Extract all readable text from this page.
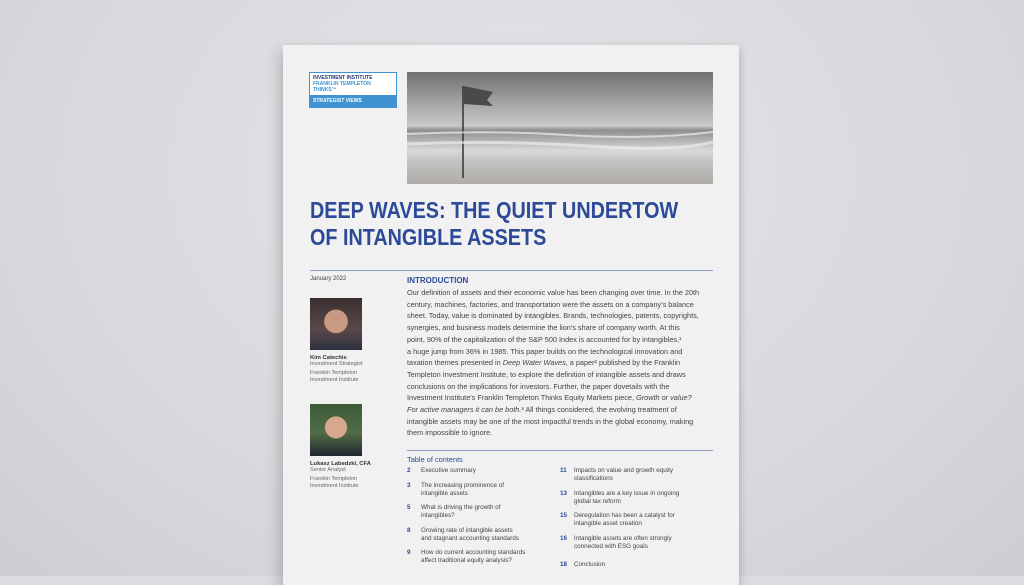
INVESTMENT INSTITUTE
FRANKLIN TEMPLETON THINKS™
STRATEGIST VIEWS
DEEP WAVES: THE QUIET UNDERTOW
OF INTANGIBLE ASSETS
January 2022	INTRODUCTION
Our definition of assets and their economic value has been changing over time. In the 20th
century, machines, factories, and transportation were the assets on a company's balance
sheet. Today, value is dominated by intangibles. Brands, technologies, patents, copyrights,
synergies, and business models determine the lion's share of company worth. At this
point, 90% of the capitalization of the S&P 500 Index is accounted for by intangibles,¹
a huge jump from 36% in 1985. This paper builds on the technological innovation and
taxation themes presented in Deep Water Waves, a paper² published by the Franklin
Templeton Investment Institute, to explore the definition of intangible assets and draws
conclusions on the implications for investors. Further, the paper dovetails with the
Investment Institute's Franklin Templeton Thinks Equity Markets piece, Growth or value?
For active managers it can be both.³ All things considered, the evolving treatment of
intangible assets may be one of the most impactful trends in the global economy, making
them impossible to ignore.
Kim Catechis
Investment Strategist
Franklin Templeton
Investment Institute
Lukasz Labedzki, CFA
Senior Analyst
Franklin Templeton
Investment Institute
Table of contents
2 Executive summary

3 The increasing prominence of
intangible assets
5 What is driving the growth of
intangibles?
8 Growing rate of intangible assets
and stagnant accounting standards
9 How do current accounting standards
affect traditional equity analysis?
11 Impacts on value and growth equity
classifications
13 Intangibles are a key issue in ongoing
global tax reform
15 Deregulation has been a catalyst for
intangible asset creation
16 Intangible assets are often strongly
connected with ESG goals
18 Conclusion
